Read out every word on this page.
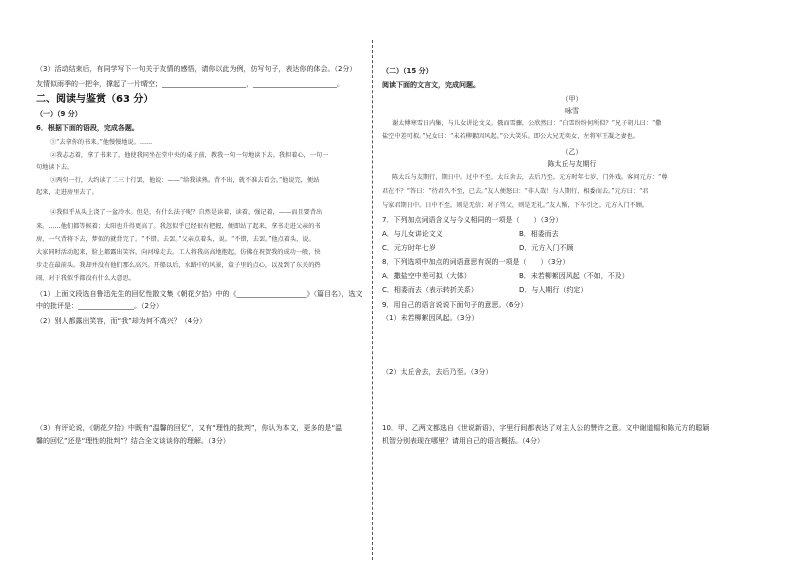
（3）活动结束后，有同学写下一句关于友情的感悟，请你以此为例，仿写句子，表达你的体会。（2分）
友情似雨季的一把伞，撑起了一片晴空；________________________，________________________。
二、阅读与鉴赏（63 分）
（一）（9 分）
6．根据下面的语段，完成各题。
①“去拿你的书来。”他慢慢地说。……
②我忐忑着，拿了书来了。他使我同坐在堂中央的桌子前，教我一句一句地读下去。我担着心，一句一
句地读下去。
③两句一行，大约读了二三十行罢，他说：——“给我读熟。背不出，就不准去看会。”他说完，便站
起来，走进房里去了。
④我似乎从头上浇了一盆冷水。但是，有什么法子呢？自然是读着，读着，强记着，——而且要背出
来。……他们都等候着；太阳也升得更高了。我忽似乎已经很有把握，便即站了起来，拿书走进父亲的书
房，一气背将下去，梦似的就背完了。“不错。去罢。”父亲点着头，说。“不错，去罢。”他点着头，说。
大家同时活动起来，脸上都露出笑容，向河埠走去。工人将我高高地抱起，仿佛在祝贺我的成功一般，快
步走在最前头。我却并没有他们那么高兴。开船以后，水路中的风景，盒子里的点心，以及到了东关的热
闹，对于我似乎都没有什么大意思。
（1）上面文段选自鲁迅先生的回忆性散文集《朝花夕拾》中的《____________________》（篇目名），选文
中的批评是：________________。（2分）
（2）别人都露出笑容，而“我”却为何不高兴？（4分）
（3）有评论说，《朝花夕拾》中既有“温馨的回忆”，又有“理性的批判”，你认为本文，更多的是“温
馨的回忆”还是“理性的批判”？结合全文谈谈你的理解。（3分）
（二）（15 分）
阅读下面的文言文，完成问题。
（甲）
咏雪
谢太傅寒雪日内集，与儿女讲论文义。俄而雪骤，公欣然曰：“白雪纷纷何所似？”兄子胡儿曰：“撒
盐空中差可拟。”兄女曰：“未若柳絮因风起。”公大笑乐。即公大兄无奕女，左将军王凝之妻也。
（乙）
陈太丘与友期行
陈太丘与友期行，期日中。过中不至，太丘舍去，去后乃至。元方时年七岁，门外戏。客问元方：“尊
君在不？”答曰：“待君久不至，已去。”友人便怒曰：“非人哉！与人期行，相委而去。”元方曰：“君
与家君期日中。日中不至，则是无信；对子骂父，则是无礼。”友人惭，下车引之。元方入门不顾。
7．下列加点词语含义与今义相同的一项是（　　）（3分）
A．与儿女讲论文义	B．相委而去
C．元方时年七岁	D．元方入门不顾
8．下列选项中加点的词语意思有误的一项是（　　）（3分）
A．撒盐空中差可拟（大体）	B．未若柳絮因风起（不如，不及）
C．相委而去（表示转折关系）	D．与人期行（约定）
9．用自己的语言说说下面句子的意思。（6分）
（1）未若柳絮因风起。（3分）
（2）太丘舍去，去后乃至。（3分）
10．甲、乙两文都选自《世说新语》，字里行间都表达了对主人公的赞许之意。文中谢道韫和陈元方的聪颖
机智分别表现在哪里？请用自己的语言概括。（4分）
